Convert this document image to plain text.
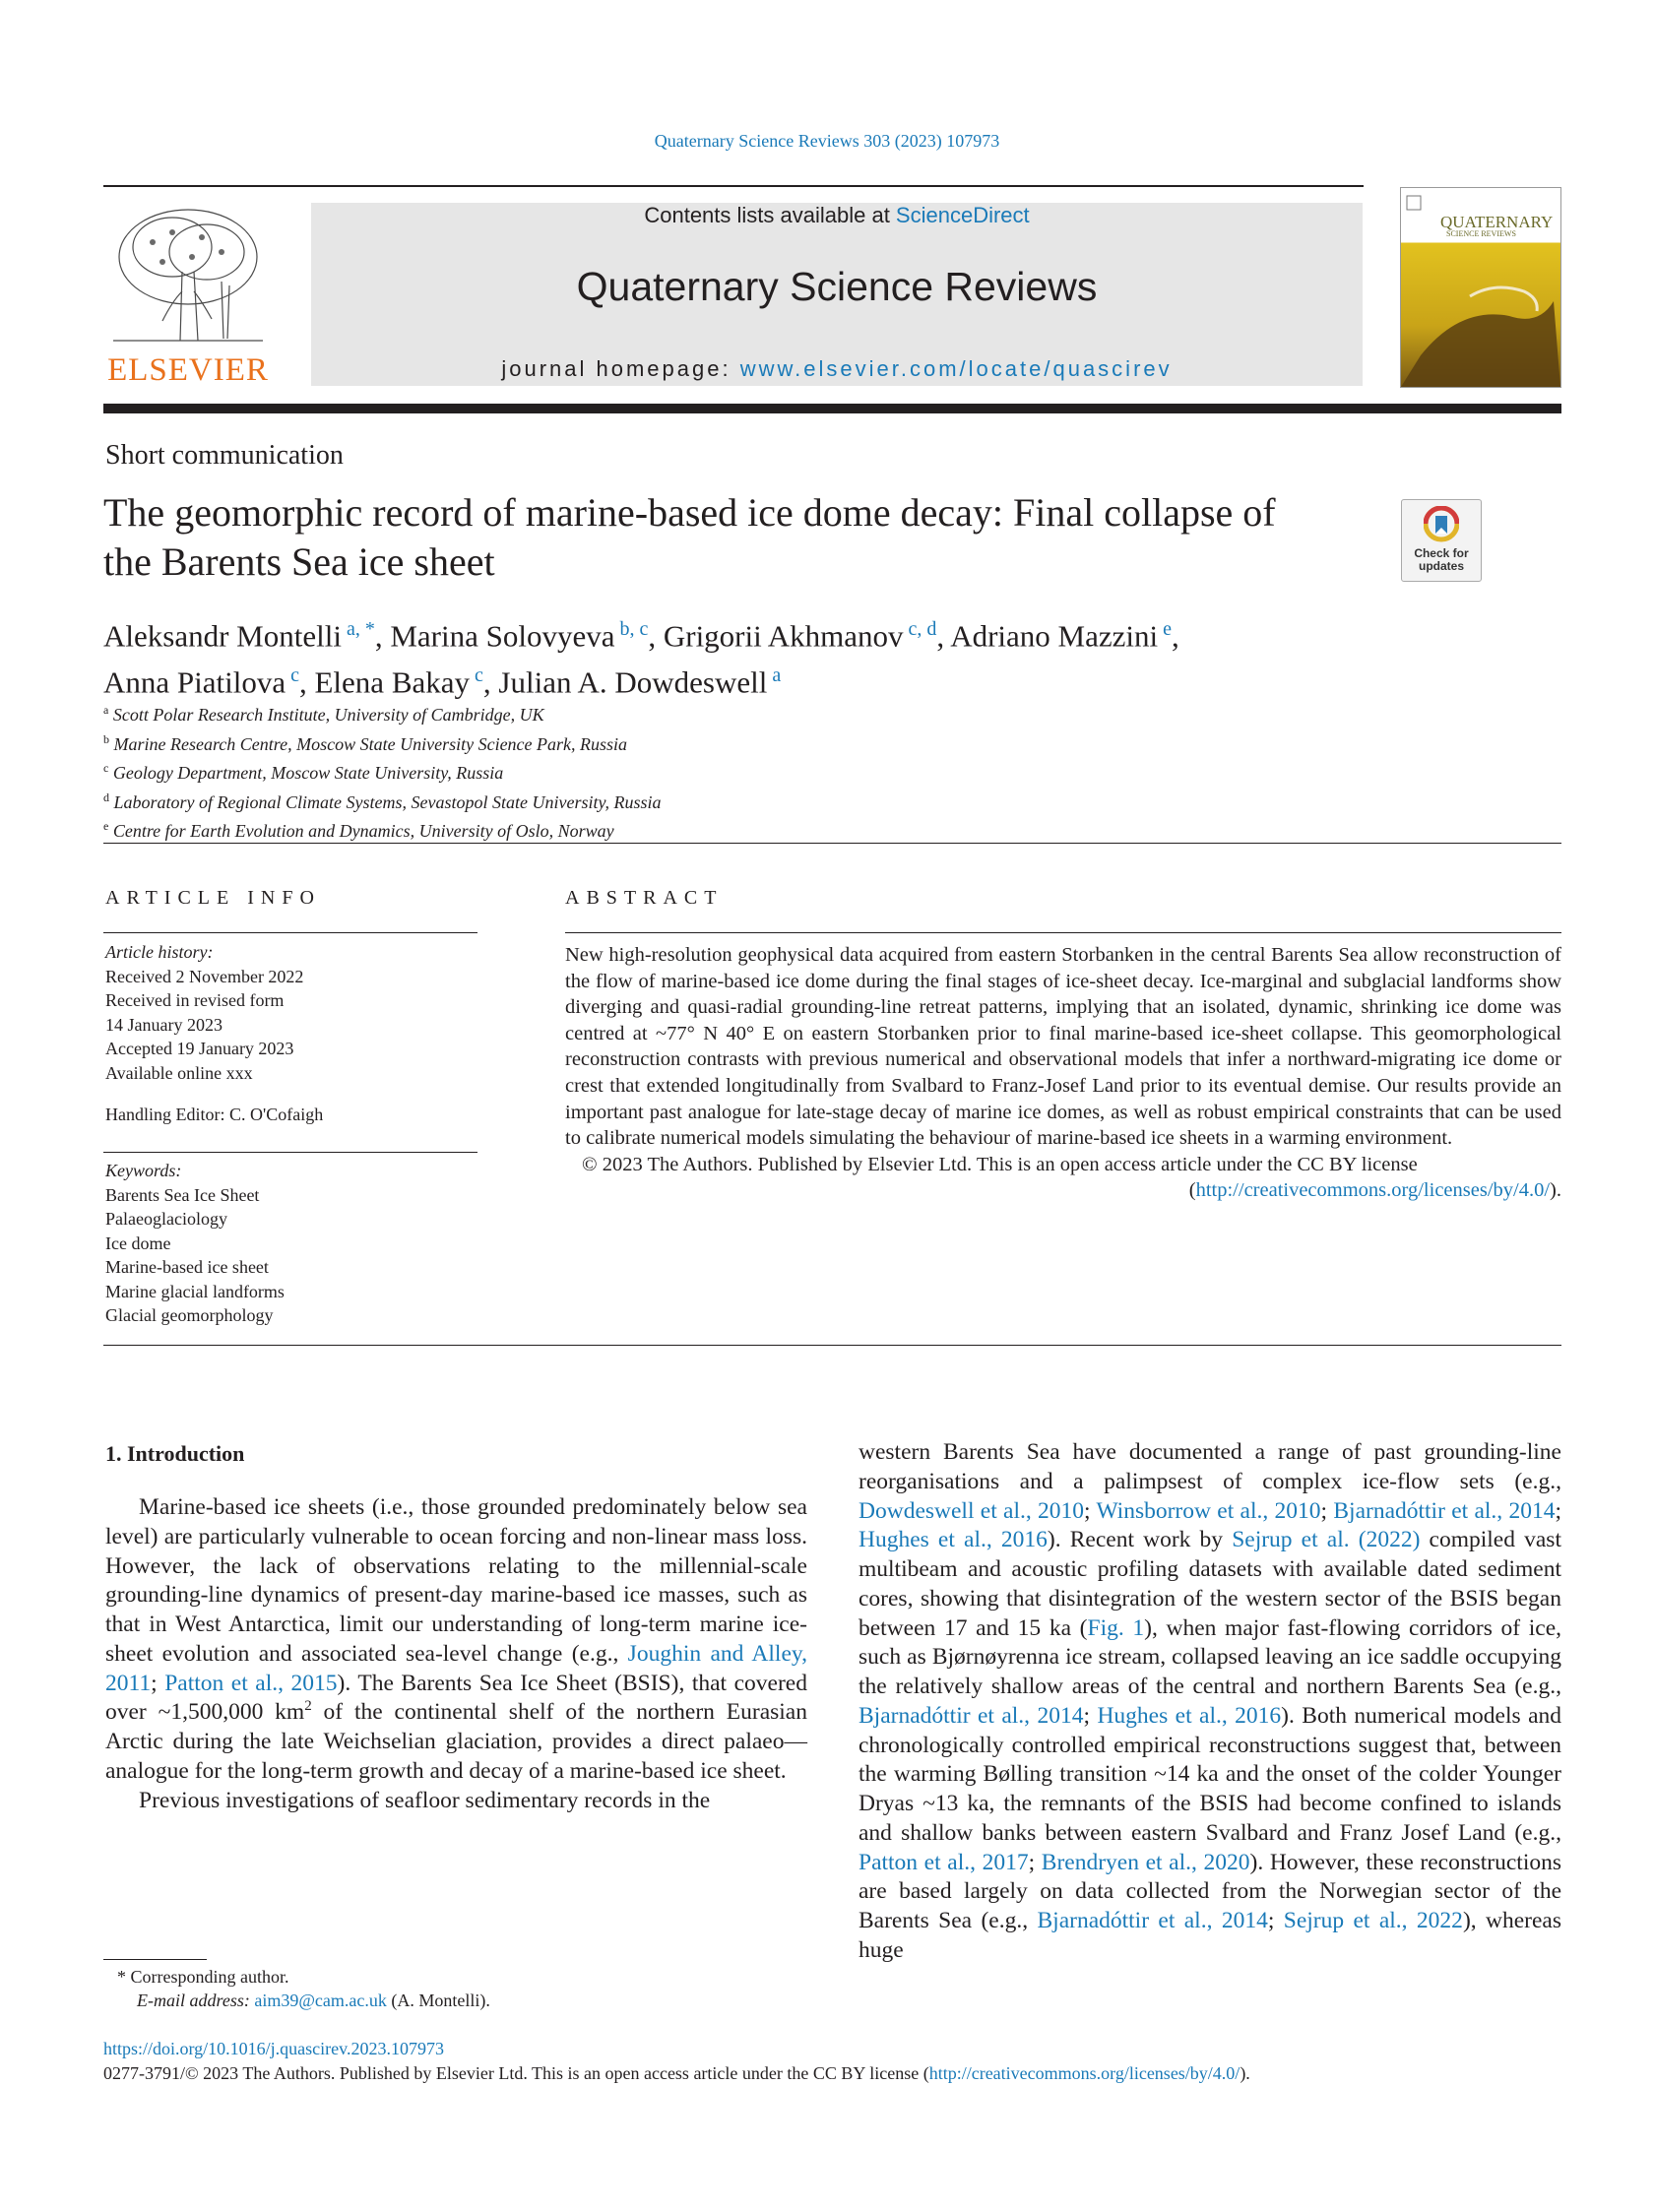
Quaternary Science Reviews 303 (2023) 107973
ELSEVIER
Contents lists available at ScienceDirect
Quaternary Science Reviews
journal homepage: www.elsevier.com/locate/quascirev
QUATERNARY
SCIENCE REVIEWS
Short communication
The geomorphic record of marine-based ice dome decay: Final collapse of the Barents Sea ice sheet	Check for updates
Aleksandr Montelli $^{a, *}$, Marina Solovyeva $^{b, c}$, Grigorii Akhmanov $^{c, d}$, Adriano Mazzini $^e$,
Anna Piatilova $^c$, Elena Bakay $^c$, Julian A. Dowdeswell $^a$
$^a$ Scott Polar Research Institute, University of Cambridge, UK
$^b$ Marine Research Centre, Moscow State University Science Park, Russia
$^c$ Geology Department, Moscow State University, Russia
$^d$ Laboratory of Regional Climate Systems, Sevastopol State University, Russia
$^e$ Centre for Earth Evolution and Dynamics, University of Oslo, Norway
ARTICLE INFO
Article history:
Received 2 November 2022
Received in revised form
14 January 2023
Accepted 19 January 2023
Available online xxx
Handling Editor: C. O'Cofaigh
Keywords:
Barents Sea Ice Sheet
Palaeoglaciology
Ice dome
Marine-based ice sheet
Marine glacial landforms
Glacial geomorphology
ABSTRACT

New high-resolution geophysical data acquired from eastern Storbanken in the central Barents Sea allow reconstruction of the flow of marine-based ice dome during the final stages of ice-sheet decay. Ice-marginal and subglacial landforms show diverging and quasi-radial grounding-line retreat patterns, implying that an isolated, dynamic, shrinking ice dome was centred at ~77° N 40° E on eastern Storbanken prior to final marine-based ice-sheet collapse. This geomorphological reconstruction contrasts with previous numerical and observational models that infer a northward-migrating ice dome or crest that extended longitudinally from Svalbard to Franz-Josef Land prior to its eventual demise. Our results provide an important past analogue for late-stage decay of marine ice domes, as well as robust empirical constraints that can be used to calibrate numerical models simulating the behaviour of marine-based ice sheets in a warming environment.

© 2023 The Authors. Published by Elsevier Ltd. This is an open access article under the CC BY license

(http://creativecommons.org/licenses/by/4.0/).

1. Introduction

Marine-based ice sheets (i.e., those grounded predominately below sea level) are particularly vulnerable to ocean forcing and non-linear mass loss. However, the lack of observations relating to the millennial-scale grounding-line dynamics of present-day marine-based ice masses, such as that in West Antarctica, limit our understanding of long-term marine ice-sheet evolution and associated sea-level change (e.g., Joughin and Alley, 2011; Patton et al., 2015). The Barents Sea Ice Sheet (BSIS), that covered over ~1,500,000 $km^2$ of the continental shelf of the northern Eurasian Arctic during the late Weichselian glaciation, provides a direct palaeo—analogue for the long-term growth and decay of a marine-based ice sheet.

Previous investigations of seafloor sedimentary records in the

western Barents Sea have documented a range of past grounding-line reorganisations and a palimpsest of complex ice-flow sets (e.g., Dowdeswell et al., 2010; Winsborrow et al., 2010; Bjarnadóttir et al., 2014; Hughes et al., 2016). Recent work by Sejrup et al. (2022) compiled vast multibeam and acoustic profiling datasets with available dated sediment cores, showing that disintegration of the western sector of the BSIS began between 17 and 15 ka (Fig. 1), when major fast-flowing corridors of ice, such as Bjørnøyrenna ice stream, collapsed leaving an ice saddle occupying the relatively shallow areas of the central and northern Barents Sea (e.g., Bjarnadóttir et al., 2014; Hughes et al., 2016). Both numerical models and chronologically controlled empirical reconstructions suggest that, between the warming Bølling transition ~14 ka and the onset of the colder Younger Dryas ~13 ka, the remnants of the BSIS had become confined to islands and shallow banks between eastern Svalbard and Franz Josef Land (e.g., Patton et al., 2017; Brendryen et al., 2020). However, these reconstructions are based largely on data collected from the Norwegian sector of the Barents Sea (e.g., Bjarnadóttir et al., 2014; Sejrup et al., 2022), whereas huge

* Corresponding author.
E-mail address: aim39@cam.ac.uk (A. Montelli).
https://doi.org/10.1016/j.quascirev.2023.107973
0277-3791/© 2023 The Authors. Published by Elsevier Ltd. This is an open access article under the CC BY license (http://creativecommons.org/licenses/by/4.0/).
